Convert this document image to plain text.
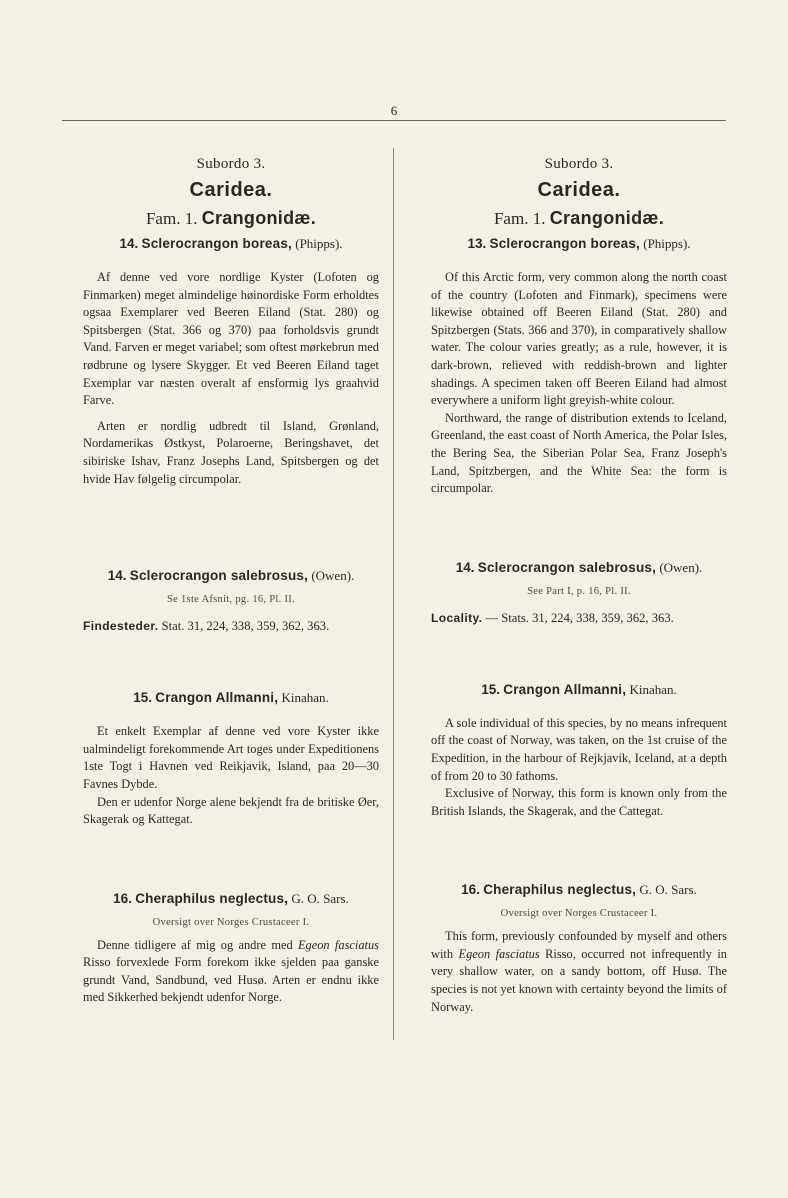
6
Subordo 3.
Caridea.
Fam. 1. Crangonidæ.
14. Sclerocrangon boreas, (Phipps).

Af denne ved vore nordlige Kyster (Lofoten og Finmarken) meget almindelige høinordiske Form erholdtes ogsaa Exemplarer ved Beeren Eiland (Stat. 280) og Spitsbergen (Stat. 366 og 370) paa forholdsvis grundt Vand. Farven er meget variabel; som oftest mørkebrun med rødbrune og lysere Skygger. Et ved Beeren Eiland taget Exemplar var næsten overalt af ensformig lys graahvid Farve.

Arten er nordlig udbredt til Island, Grønland, Nordamerikas Østkyst, Polaroerne, Beringshavet, det sibiriske Ishav, Franz Josephs Land, Spitsbergen og det hvide Hav følgelig circumpolar.

14. Sclerocrangon salebrosus, (Owen).
Se 1ste Afsnit, pg. 16, Pl. II.
Findesteder. Stat. 31, 224, 338, 359, 362, 363.
15. Crangon Allmanni, Kinahan.

Et enkelt Exemplar af denne ved vore Kyster ikke ualmindeligt forekommende Art toges under Expeditionens 1ste Togt i Havnen ved Reikjavik, Island, paa 20—30 Favnes Dybde.

Den er udenfor Norge alene bekjendt fra de britiske Øer, Skagerak og Kattegat.

16. Cheraphilus neglectus, G. O. Sars.
Oversigt over Norges Crustaceer I.

Denne tidligere af mig og andre med Egeon fasciatus Risso forvexlede Form forekom ikke sjelden paa ganske grundt Vand, Sandbund, ved Husø. Arten er endnu ikke med Sikkerhed bekjendt udenfor Norge.

Subordo 3.
Caridea.
Fam. 1. Crangonidæ.
13. Sclerocrangon boreas, (Phipps).

Of this Arctic form, very common along the north coast of the country (Lofoten and Finmark), specimens were likewise obtained off Beeren Eiland (Stat. 280) and Spitzbergen (Stats. 366 and 370), in comparatively shallow water. The colour varies greatly; as a rule, however, it is dark-brown, relieved with reddish-brown and lighter shadings. A specimen taken off Beeren Eiland had almost everywhere a uniform light greyish-white colour.

Northward, the range of distribution extends to Iceland, Greenland, the east coast of North America, the Polar Isles, the Bering Sea, the Siberian Polar Sea, Franz Joseph's Land, Spitzbergen, and the White Sea: the form is circumpolar.

14. Sclerocrangon salebrosus, (Owen).
See Part I, p. 16, Pl. II.
Locality. — Stats. 31, 224, 338, 359, 362, 363.
15. Crangon Allmanni, Kinahan.

A sole individual of this species, by no means infrequent off the coast of Norway, was taken, on the 1st cruise of the Expedition, in the harbour of Rejkjavik, Iceland, at a depth of from 20 to 30 fathoms.

Exclusive of Norway, this form is known only from the British Islands, the Skagerak, and the Cattegat.

16. Cheraphilus neglectus, G. O. Sars.
Oversigt over Norges Crustaceer I.

This form, previously confounded by myself and others with Egeon fasciatus Risso, occurred not infrequently in very shallow water, on a sandy bottom, off Husø. The species is not yet known with certainty beyond the limits of Norway.
